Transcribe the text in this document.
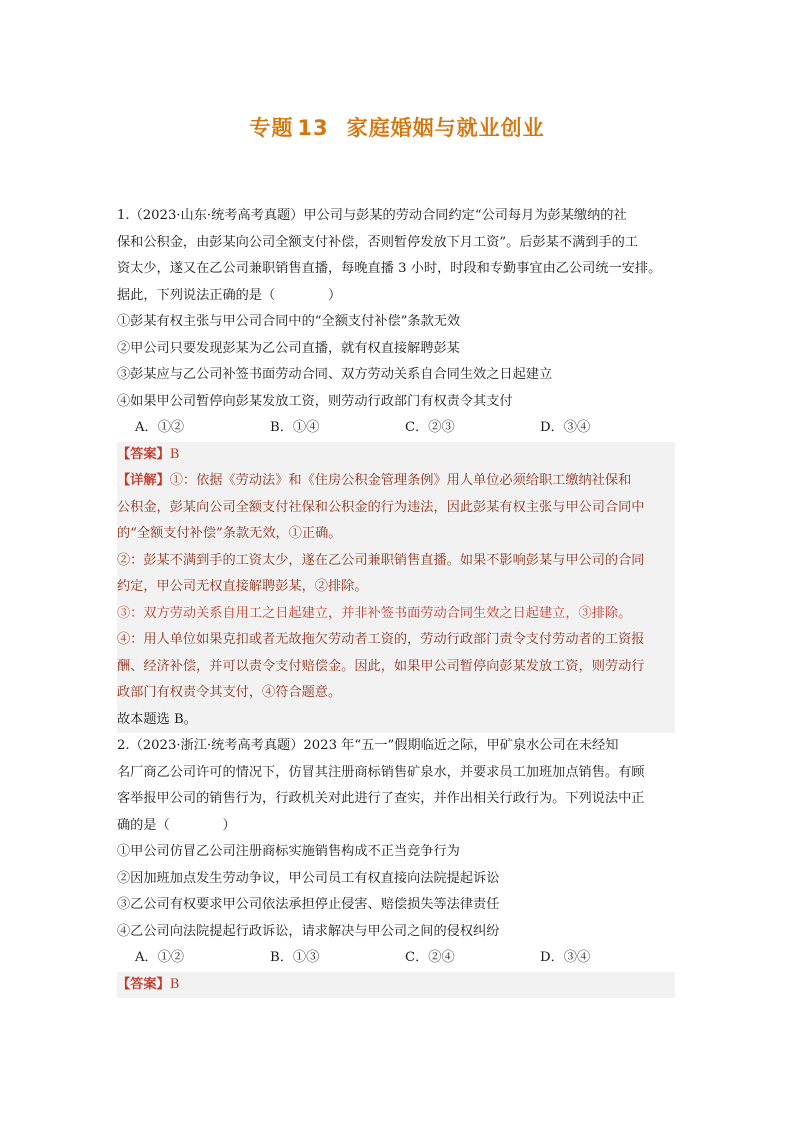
专题 13 家庭婚姻与就业创业
1.（2023·山东·统考高考真题）甲公司与彭某的劳动合同约定“公司每月为彭某缴纳的社
保和公积金，由彭某向公司全额支付补偿，否则暂停发放下月工资”。后彭某不满到手的工
资太少，遂又在乙公司兼职销售直播，每晚直播 3 小时，时段和专勤事宜由乙公司统一安排。
据此，下列说法正确的是（　　　　）
①彭某有权主张与甲公司合同中的“全额支付补偿”条款无效
②甲公司只要发现彭某为乙公司直播，就有权直接解聘彭某
③彭某应与乙公司补签书面劳动合同、双方劳动关系自合同生效之日起建立
④如果甲公司暂停向彭某发放工资，则劳动行政部门有权责令其支付
A．①②	B．①④	C．②③	D．③④
【答案】B
【详解】①：依据《劳动法》和《住房公积金管理条例》用人单位必须给职工缴纳社保和
公积金，彭某向公司全额支付社保和公积金的行为违法，因此彭某有权主张与甲公司合同中
的“全额支付补偿”条款无效，①正确。
②：彭某不满到手的工资太少，遂在乙公司兼职销售直播。如果不影响彭某与甲公司的合同
约定，甲公司无权直接解聘彭某，②排除。
③：双方劳动关系自用工之日起建立，并非补签书面劳动合同生效之日起建立，③排除。
④：用人单位如果克扣或者无故拖欠劳动者工资的，劳动行政部门责令支付劳动者的工资报
酬、经济补偿，并可以责令支付赔偿金。因此，如果甲公司暂停向彭某发放工资，则劳动行
政部门有权责令其支付，④符合题意。
故本题选 B。
2.（2023·浙江·统考高考真题）2023 年“五一”假期临近之际，甲矿泉水公司在未经知
名厂商乙公司许可的情况下，仿冒其注册商标销售矿泉水，并要求员工加班加点销售。有顾
客举报甲公司的销售行为，行政机关对此进行了查实，并作出相关行政行为。下列说法中正
确的是（　　　　）
①甲公司仿冒乙公司注册商标实施销售构成不正当竞争行为
②因加班加点发生劳动争议，甲公司员工有权直接向法院提起诉讼
③乙公司有权要求甲公司依法承担停止侵害、赔偿损失等法律责任
④乙公司向法院提起行政诉讼，请求解决与甲公司之间的侵权纠纷
A．①②	B．①③	C．②④	D．③④
【答案】B
